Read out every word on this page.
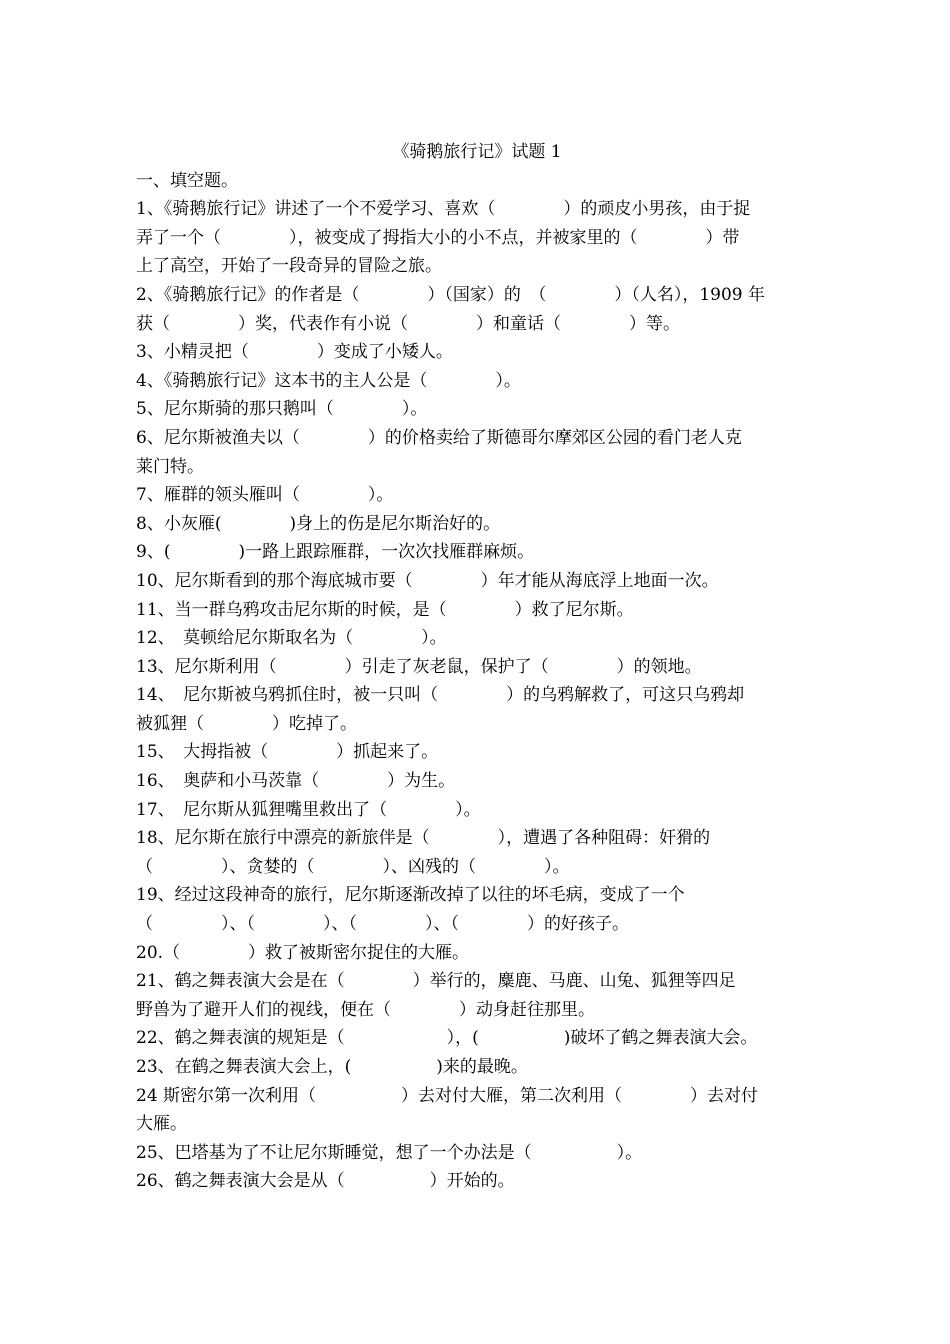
《骑鹅旅行记》试题 1
一、填空题。
1、《骑鹅旅行记》讲述了一个不爱学习、喜欢（　　　　）的顽皮小男孩，由于捉
弄了一个（　　　　），被变成了拇指大小的小不点，并被家里的（　　　　）带
上了高空，开始了一段奇异的冒险之旅。
2、《骑鹅旅行记》的作者是（　　　　）（国家）的　（　　　　）（人名），1909 年
获（　　　　）奖，代表作有小说（　　　　）和童话（　　　　）等。
3、小精灵把（　　　　）变成了小矮人。
4、《骑鹅旅行记》这本书的主人公是（　　　　）。
5、尼尔斯骑的那只鹅叫（　　　　）。
6、尼尔斯被渔夫以（　　　　）的价格卖给了斯德哥尔摩郊区公园的看门老人克
莱门特。
7、雁群的领头雁叫（　　　　）。
8、小灰雁(　　　　)身上的伤是尼尔斯治好的。
9、(　　　　)一路上跟踪雁群，一次次找雁群麻烦。
10、尼尔斯看到的那个海底城市要（　　　　）年才能从海底浮上地面一次。
11、当一群乌鸦攻击尼尔斯的时候，是（　　　　）救了尼尔斯。
12、　莫顿给尼尔斯取名为（　　　　）。
13、尼尔斯利用（　　　　）引走了灰老鼠，保护了（　　　　）的领地。
14、　尼尔斯被乌鸦抓住时，被一只叫（　　　　）的乌鸦解救了，可这只乌鸦却
被狐狸（　　　　）吃掉了。
15、　大拇指被（　　　　）抓起来了。
16、　奥萨和小马茨靠（　　　　）为生。
17、　尼尔斯从狐狸嘴里救出了（　　　　）。
18、尼尔斯在旅行中漂亮的新旅伴是（　　　　），遭遇了各种阻碍：奸猾的
（　　　　）、贪婪的（　　　　）、凶残的（　　　　）。
19、经过这段神奇的旅行，尼尔斯逐渐改掉了以往的坏毛病，变成了一个
（　　　　）、（　　　　）、（　　　　）、（　　　　）的好孩子。
20.（　　　　）救了被斯密尔捉住的大雁。
21、鹤之舞表演大会是在（　　　　）举行的，麋鹿、马鹿、山兔、狐狸等四足
野兽为了避开人们的视线，便在（　　　　）动身赶往那里。
22、鹤之舞表演的规矩是（　　　　　　），(　　　　　)破坏了鹤之舞表演大会。
23、在鹤之舞表演大会上，(　　　　　)来的最晚。
24 斯密尔第一次利用（　　　　　）去对付大雁，第二次利用（　　　　）去对付
大雁。
25、巴塔基为了不让尼尔斯睡觉，想了一个办法是（　　　　　）。
26、鹤之舞表演大会是从（　　　　　）开始的。
